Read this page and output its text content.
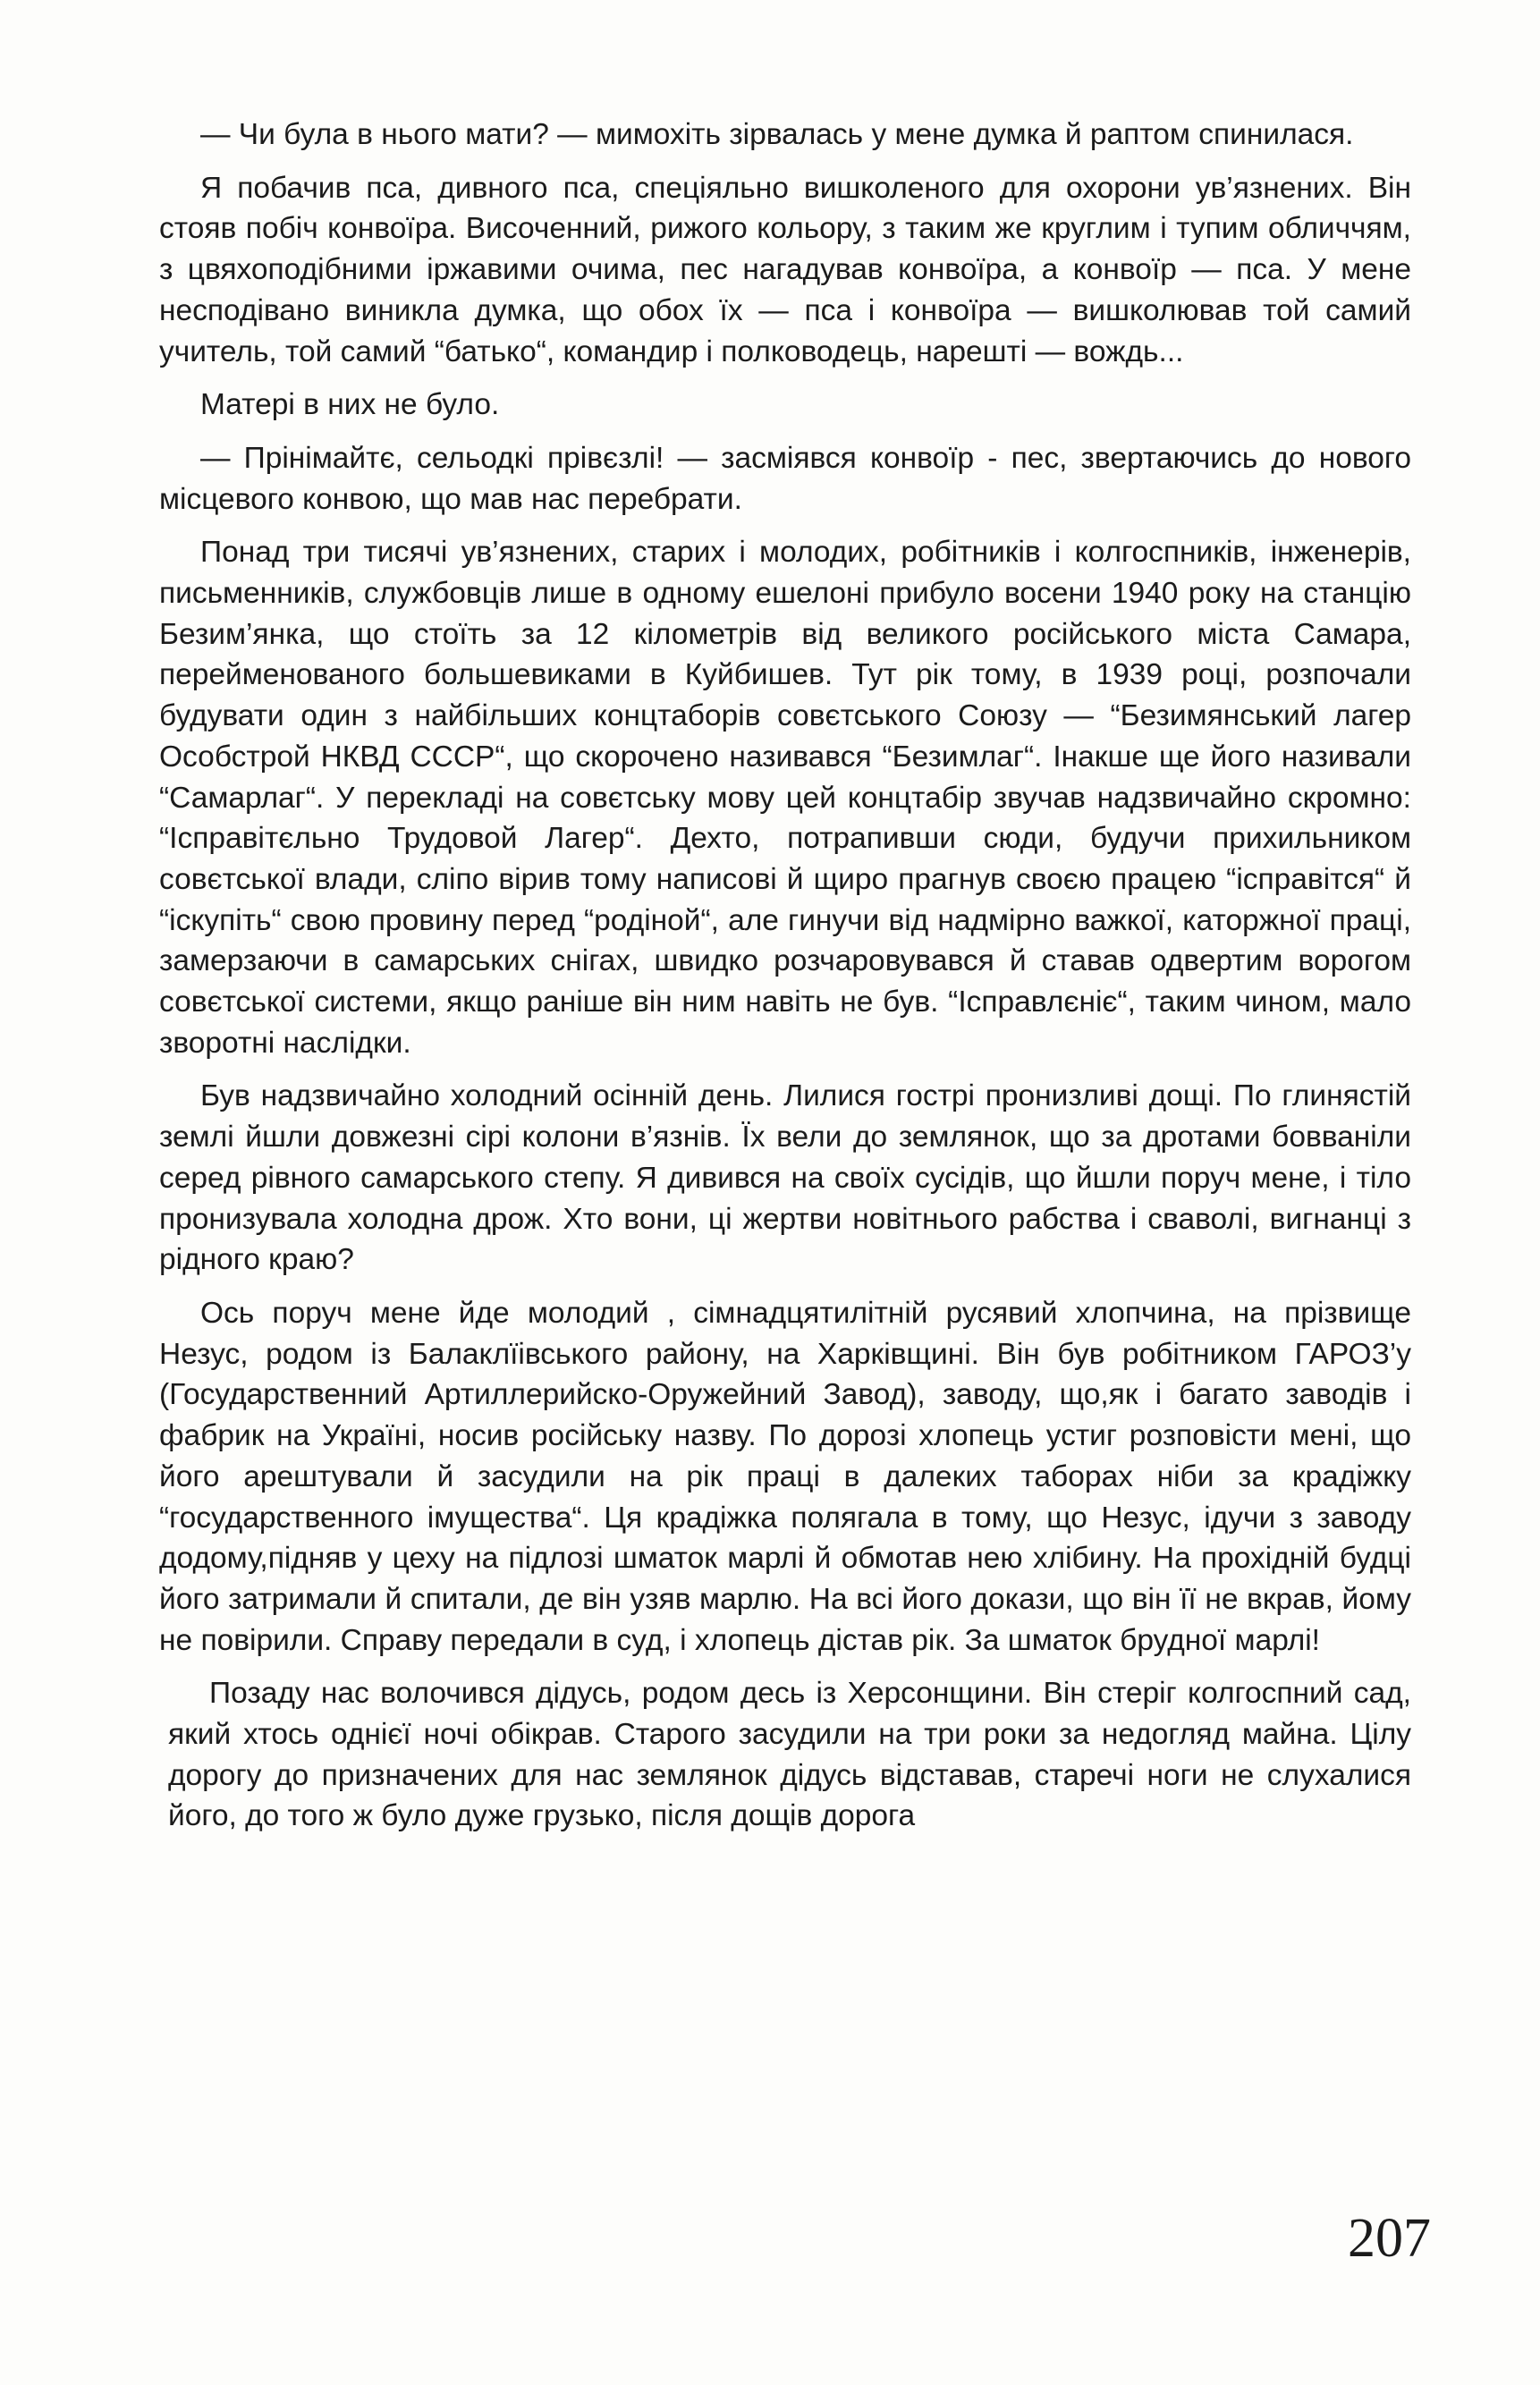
— Чи була в нього мати? — мимохіть зірвалась у мене думка й раптом спинилася.

Я побачив пса, дивного пса, спеціяльно вишколеного для охорони ув’язнених. Він стояв побіч конвоїра. Височенний, рижого кольору, з таким же круглим і тупим обличчям, з цвяхоподібними іржавими очима, пес нагадував конвоїра, а конвоїр — пса. У мене несподівано виникла думка, що обох їх — пса і конвоїра — вишколював той самий учитель, той самий “батько“, командир і полководець, нарешті — вождь...

Матері в них не було.

— Прінімайтє, сельодкі прівєзлі! — засміявся конвоїр - пес, звертаючись до нового місцевого конвою, що мав нас перебрати.

Понад три тисячі ув’язнених, старих і молодих, робітників і колгоспників, інженерів, письменників, службовців лише в одному ешелоні прибуло восени 1940 року на станцію Безим’янка, що стоїть за 12 кілометрів від великого російського міста Самара, перейменованого большевиками в Куйбишев. Тут рік тому, в 1939 році, розпочали будувати один з найбільших концтаборів совєтського Союзу — “Безимянський лагер Особстрой НКВД СССР“, що скорочено називався “Безимлаг“. Інакше ще його називали “Самарлаг“. У перекладі на совєтську мову цей концтабір звучав надзвичайно скромно: “Ісправітєльно Трудовой Лагер“. Дехто, потрапивши сюди, будучи прихильником совєтської влади, сліпо вірив тому написові й щиро прагнув своєю працею “ісправітся“ й “іскупіть“ свою провину перед “родіной“, але гинучи від надмірно важкої, каторжної праці, замерзаючи в самарських снігах, швидко розчаровувався й ставав одвертим ворогом совєтської системи, якщо раніше він ним навіть не був. “Ісправлєніє“, таким чином, мало зворотні наслідки.

Був надзвичайно холодний осінній день. Лилися гострі пронизливі дощі. По глинястій землі йшли довжезні сірі колони в’язнів. Їх вели до землянок, що за дротами бовваніли серед рівного самарського степу. Я дивився на своїх сусідів, що йшли поруч мене, і тіло пронизувала холодна дрож. Хто вони, ці жертви новітнього рабства і сваволі, вигнанці з рідного краю?

Ось поруч мене йде молодий , сімнадцятилітній русявий хлопчина, на прізвище Незус, родом із Балаклїівського району, на Харківщині. Він був робітником ГАРОЗ’у (Государственний Артиллерийско-Оружейний Завод), заводу, що,як і багато заводів і фабрик на Україні, носив російську назву. По дорозі хлопець устиг розповісти мені, що його арештували й засудили на рік праці в далеких таборах ніби за крадіжку “государственного імущества“. Ця крадіжка полягала в тому, що Незус, ідучи з заводу додому,підняв у цеху на підлозі шматок марлі й обмотав нею хлібину. На прохідній будці його затримали й спитали, де він узяв марлю. На всі його докази, що він її не вкрав, йому не повірили. Справу передали в суд, і хлопець дістав рік. За шматок брудної марлі!

Позаду нас волочився дідусь, родом десь із Херсонщини. Він стеріг колгоспний сад, який хтось однієї ночі обікрав. Старого засудили на три роки за недогляд майна. Цілу дорогу до призначених для нас землянок дідусь відставав, старечі ноги не слухалися його, до того ж було дуже грузько, після дощів дорога

207
